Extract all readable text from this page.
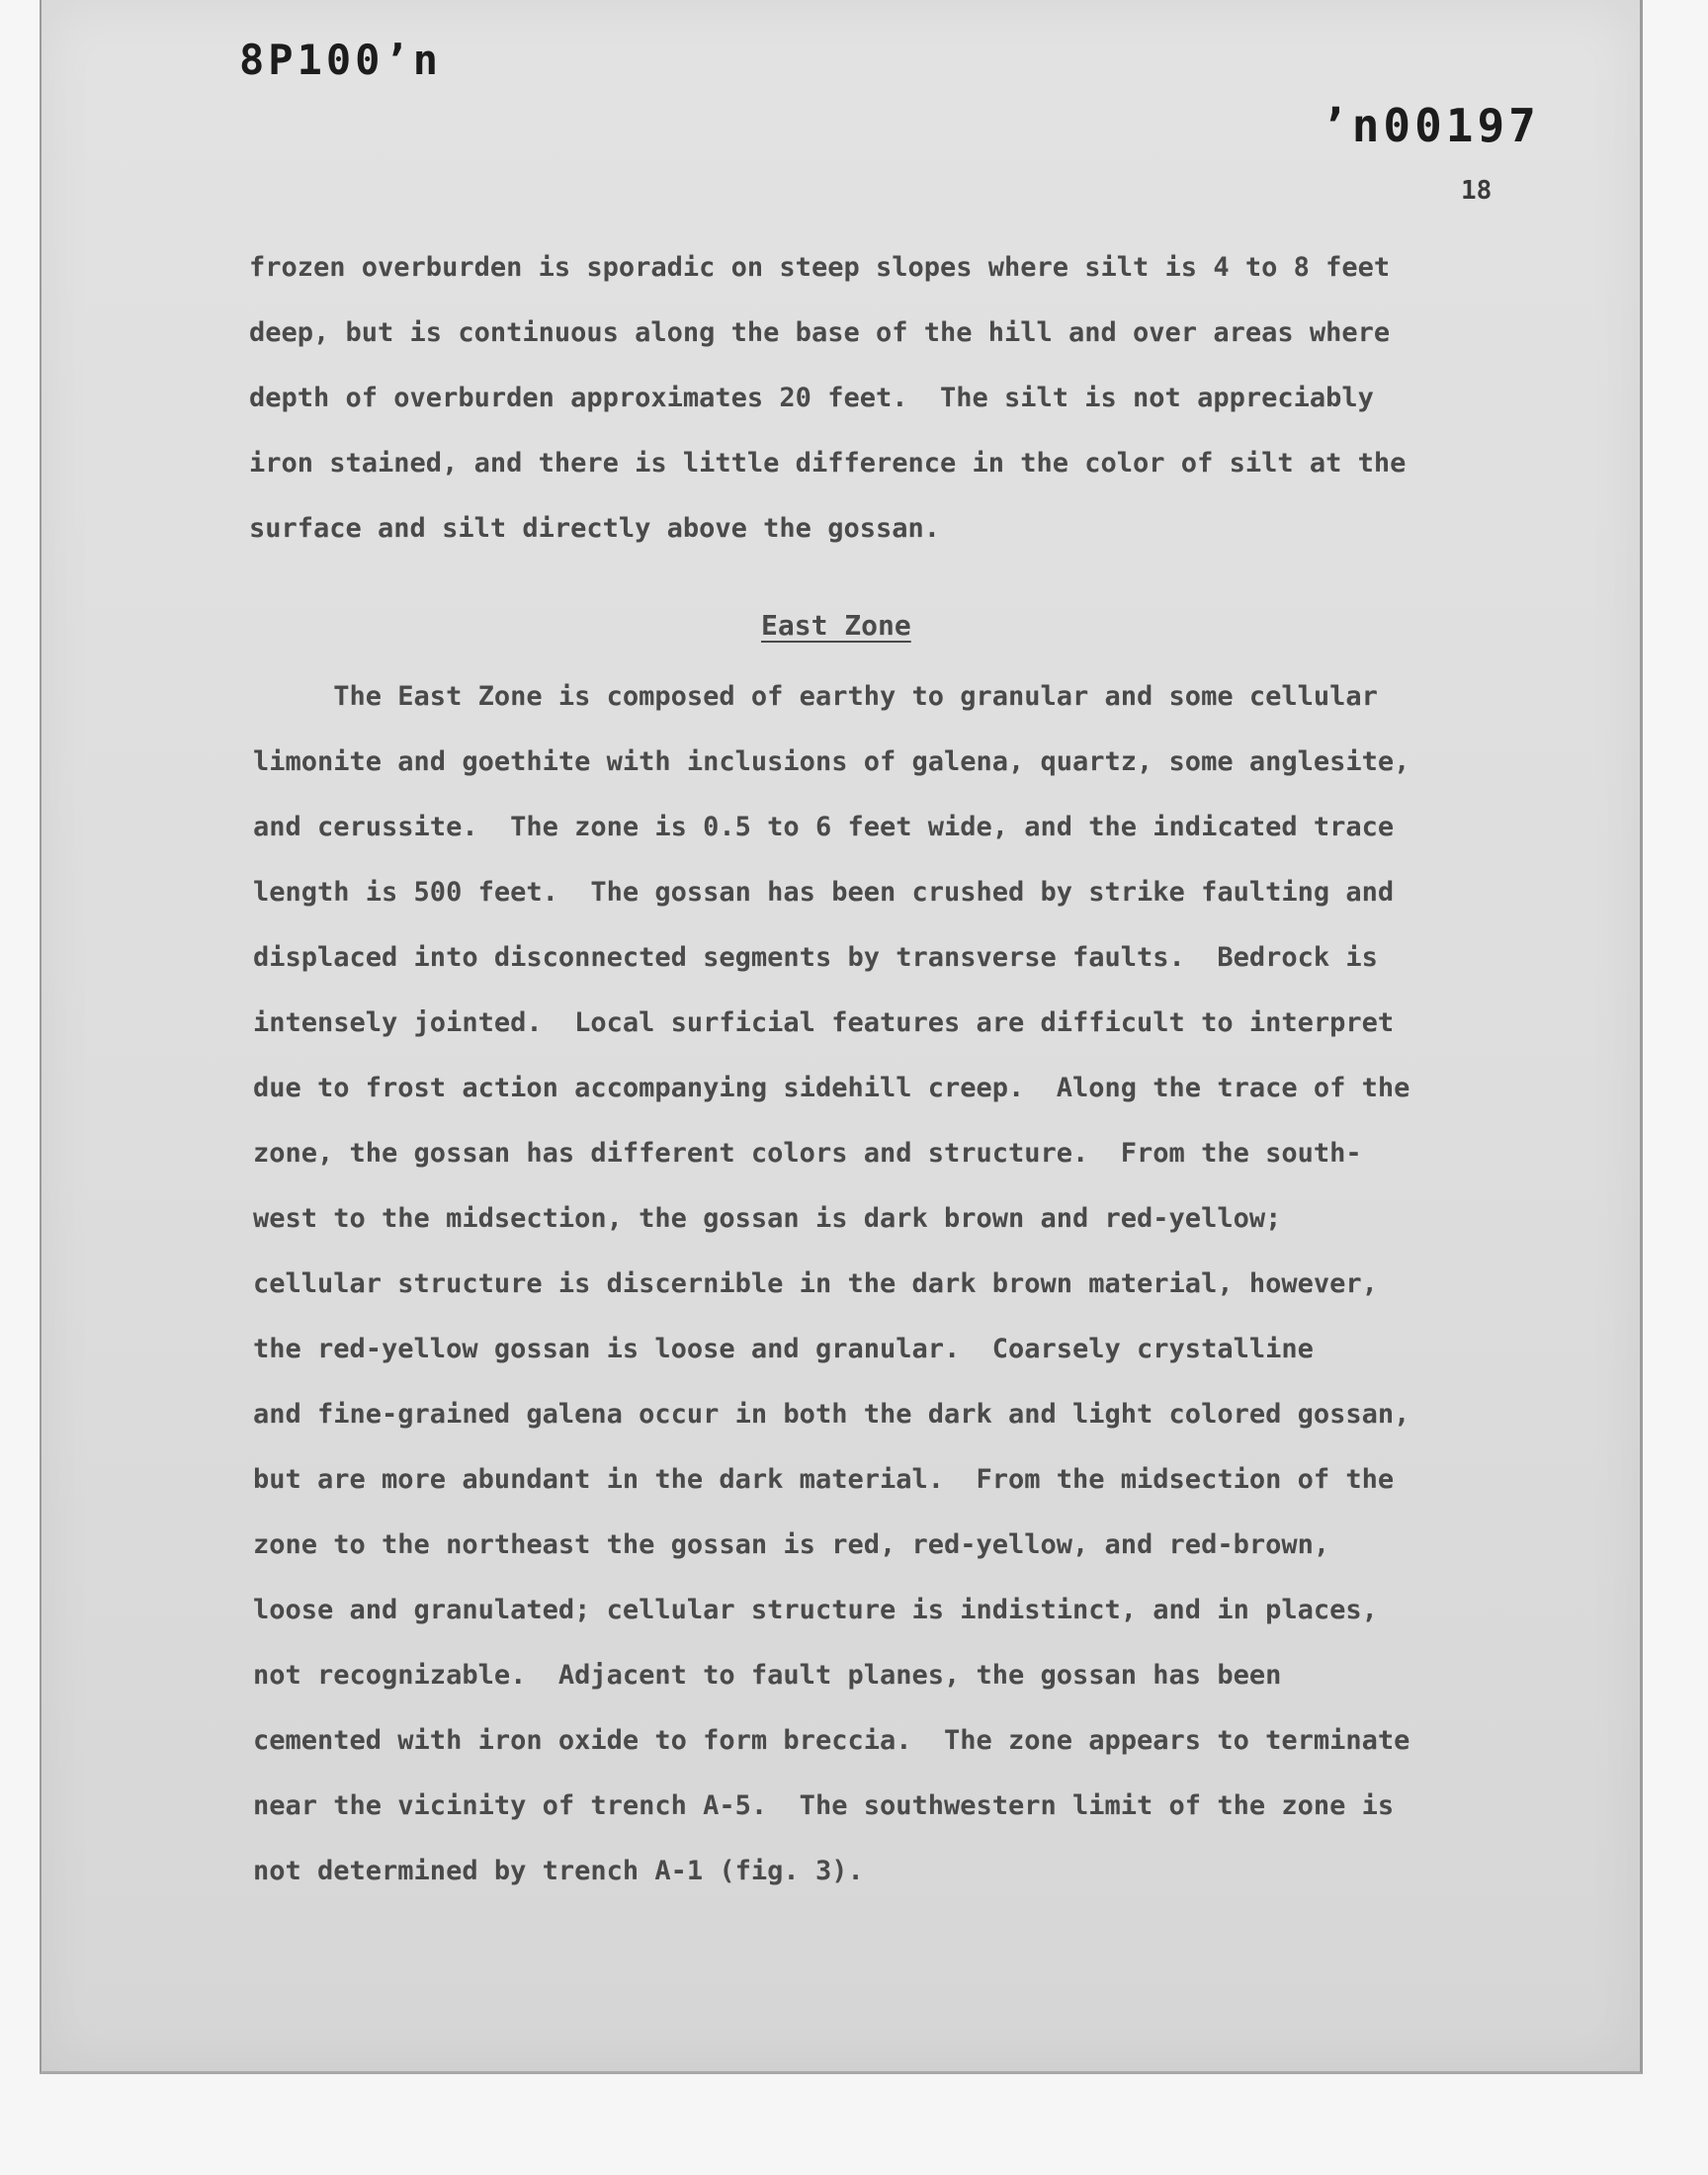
8P100ʼn
ʼn00197
18
frozen overburden is sporadic on steep slopes where silt is 4 to 8 feet
deep, but is continuous along the base of the hill and over areas where
depth of overburden approximates 20 feet.  The silt is not appreciably
iron stained, and there is little difference in the color of silt at the
surface and silt directly above the gossan.
East Zone
The East Zone is composed of earthy to granular and some cellular
limonite and goethite with inclusions of galena, quartz, some anglesite,
and cerussite.  The zone is 0.5 to 6 feet wide, and the indicated trace
length is 500 feet.  The gossan has been crushed by strike faulting and
displaced into disconnected segments by transverse faults.  Bedrock is
intensely jointed.  Local surficial features are difficult to interpret
due to frost action accompanying sidehill creep.  Along the trace of the
zone, the gossan has different colors and structure.  From the south-
west to the midsection, the gossan is dark brown and red-yellow;
cellular structure is discernible in the dark brown material, however,
the red-yellow gossan is loose and granular.  Coarsely crystalline
and fine-grained galena occur in both the dark and light colored gossan,
but are more abundant in the dark material.  From the midsection of the
zone to the northeast the gossan is red, red-yellow, and red-brown,
loose and granulated; cellular structure is indistinct, and in places,
not recognizable.  Adjacent to fault planes, the gossan has been
cemented with iron oxide to form breccia.  The zone appears to terminate
near the vicinity of trench A-5.  The southwestern limit of the zone is
not determined by trench A-1 (fig. 3).
